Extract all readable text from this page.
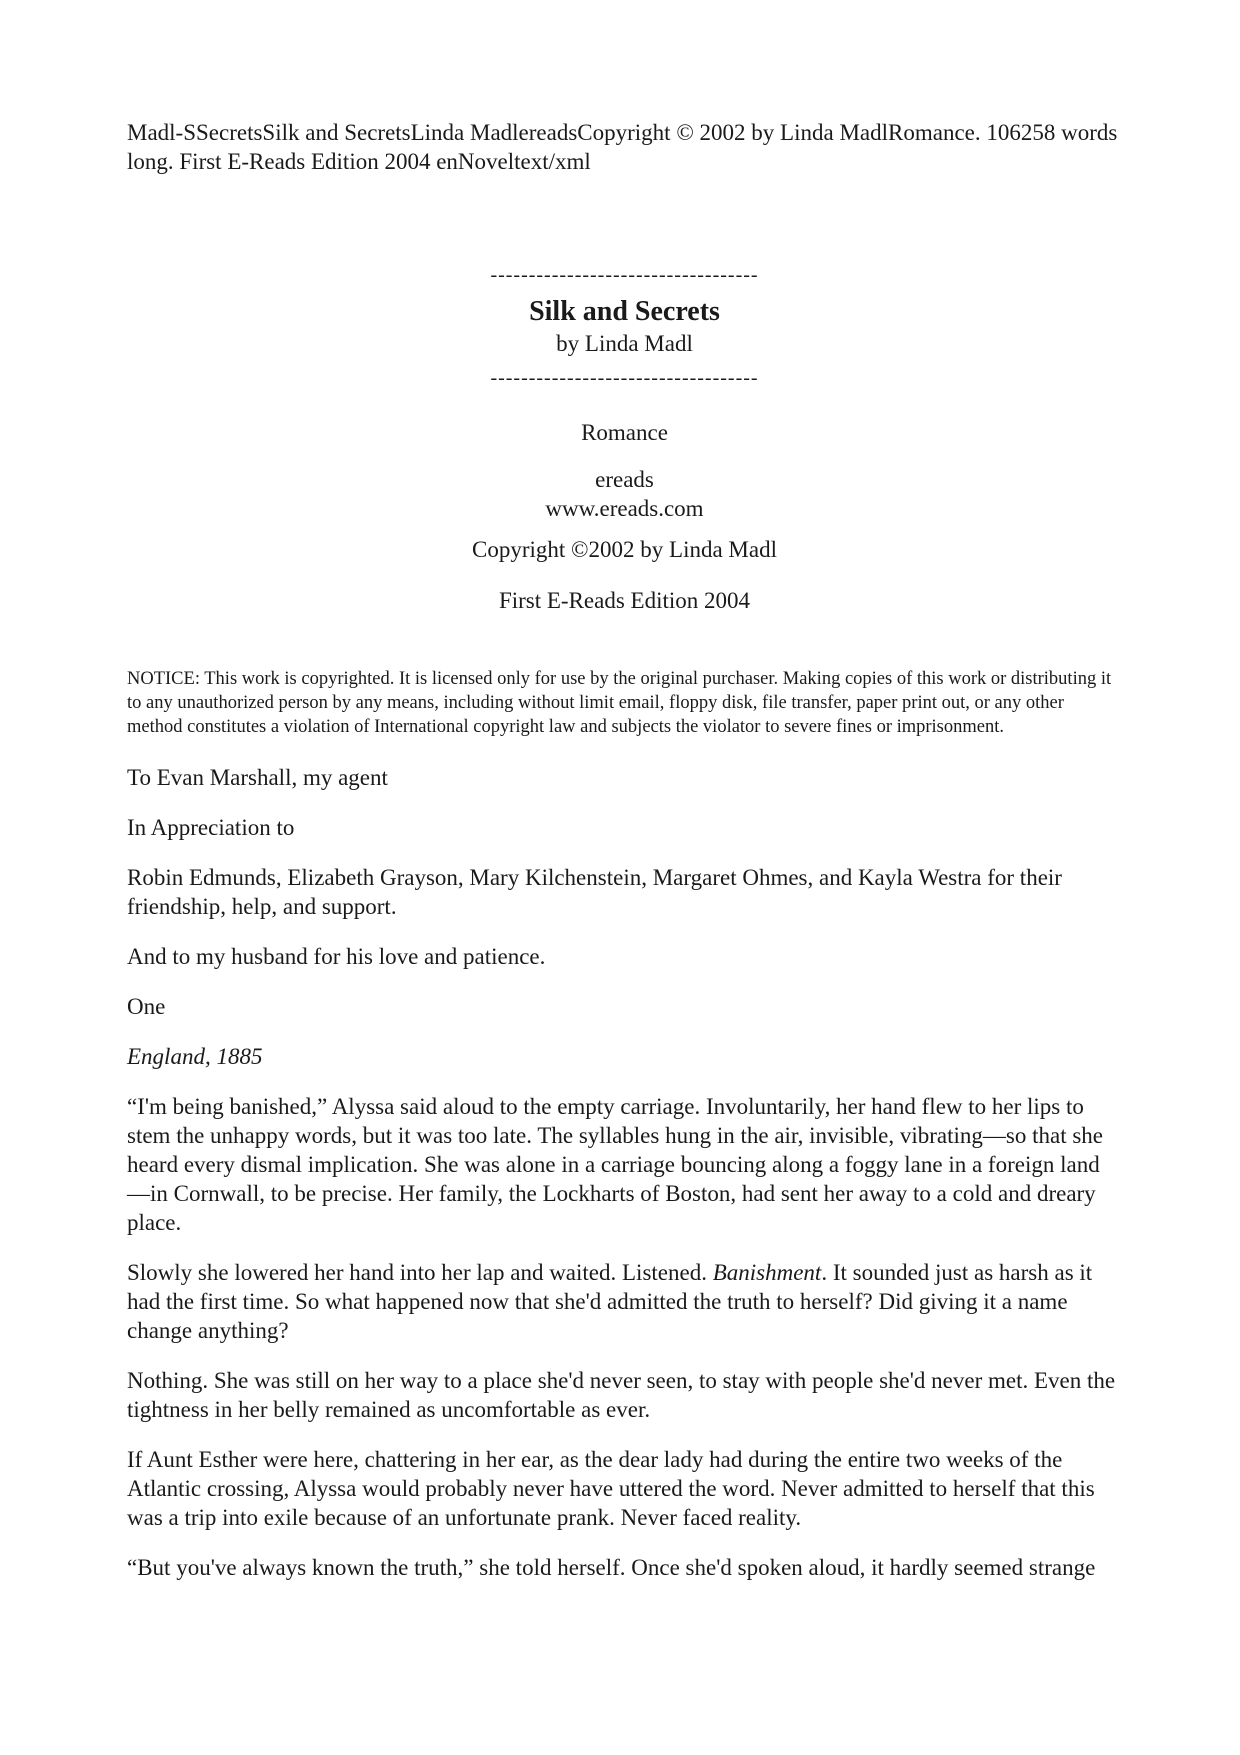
Madl-SSecretsSilk and SecretsLinda MadlereadsCopyright © 2002 by Linda MadlRomance. 106258 words long. First E-Reads Edition 2004 enNoveltext/xml

-----------------------------------

Silk and Secrets

by Linda Madl

-----------------------------------

Romance

ereads

www.ereads.com

Copyright ©2002 by Linda Madl

First E-Reads Edition 2004

NOTICE: This work is copyrighted. It is licensed only for use by the original purchaser. Making copies of this work or distributing it to any unauthorized person by any means, including without limit email, floppy disk, file transfer, paper print out, or any other method constitutes a violation of International copyright law and subjects the violator to severe fines or imprisonment.

To Evan Marshall, my agent

In Appreciation to

Robin Edmunds, Elizabeth Grayson, Mary Kilchenstein, Margaret Ohmes, and Kayla Westra for their friendship, help, and support.

And to my husband for his love and patience.

One

England, 1885

“I'm being banished,” Alyssa said aloud to the empty carriage. Involuntarily, her hand flew to her lips to stem the unhappy words, but it was too late. The syllables hung in the air, invisible, vibrating—so that she heard every dismal implication. She was alone in a carriage bouncing along a foggy lane in a foreign land—in Cornwall, to be precise. Her family, the Lockharts of Boston, had sent her away to a cold and dreary place.

Slowly she lowered her hand into her lap and waited. Listened. Banishment. It sounded just as harsh as it had the first time. So what happened now that she'd admitted the truth to herself? Did giving it a name change anything?

Nothing. She was still on her way to a place she'd never seen, to stay with people she'd never met. Even the tightness in her belly remained as uncomfortable as ever.

If Aunt Esther were here, chattering in her ear, as the dear lady had during the entire two weeks of the Atlantic crossing, Alyssa would probably never have uttered the word. Never admitted to herself that this was a trip into exile because of an unfortunate prank. Never faced reality.

“But you've always known the truth,” she told herself. Once she'd spoken aloud, it hardly seemed strange
